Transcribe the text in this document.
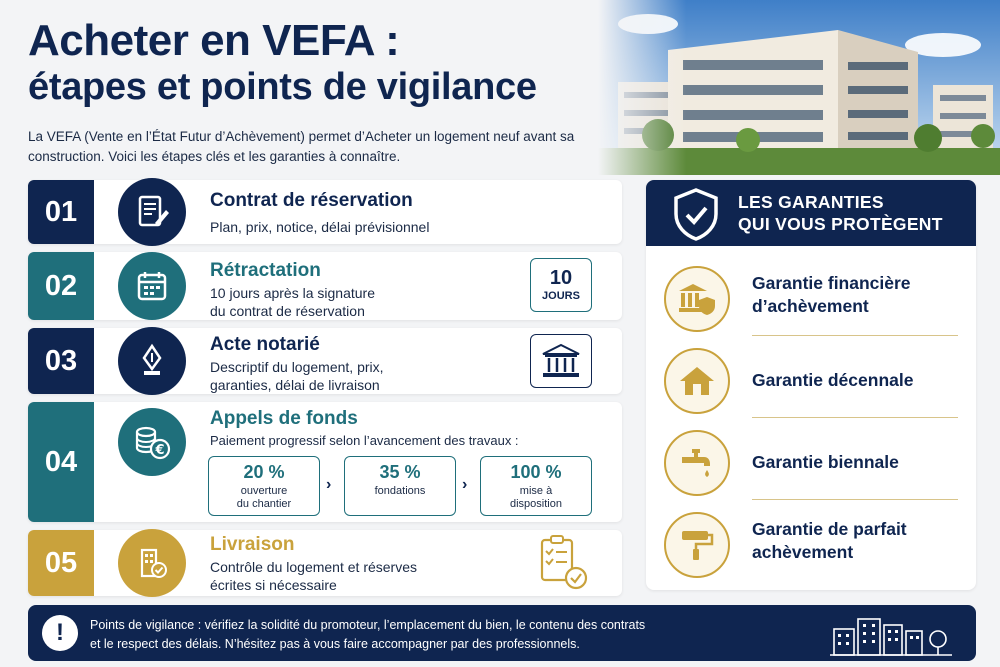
Acheter en VEFA :
étapes et points de vigilance

La VEFA (Vente en l’État Futur d’Achèvement) permet d’Acheter un logement neuf avant sa construction. Voici les étapes clés et les garanties à connaître.

01	Contrat de réservation
Plan, prix, notice, délai prévisionnel
02	Rétractation
10 jours après la signature
du contrat de réservation
10
JOURS
03	Acte notarié
Descriptif du logement, prix,
garanties, délai de livraison
04	€
Appels de fonds
Paiement progressif selon l’avancement des travaux :
20 %
ouverture
du chantier
›
35 %
fondations	›
100 %
mise à
disposition
05
Livraison
Contrôle du logement et réserves
écrites si nécessaire
LES GARANTIES
QUI VOUS PROTÈGENT
Garantie financière
d’achèvement
Garantie décennale
Garantie biennale
Garantie de parfait
achèvement
!	Points de vigilance : vérifiez la solidité du promoteur, l’emplacement du bien, le contenu des contrats
et le respect des délais. N’hésitez pas à vous faire accompagner par des professionnels.
